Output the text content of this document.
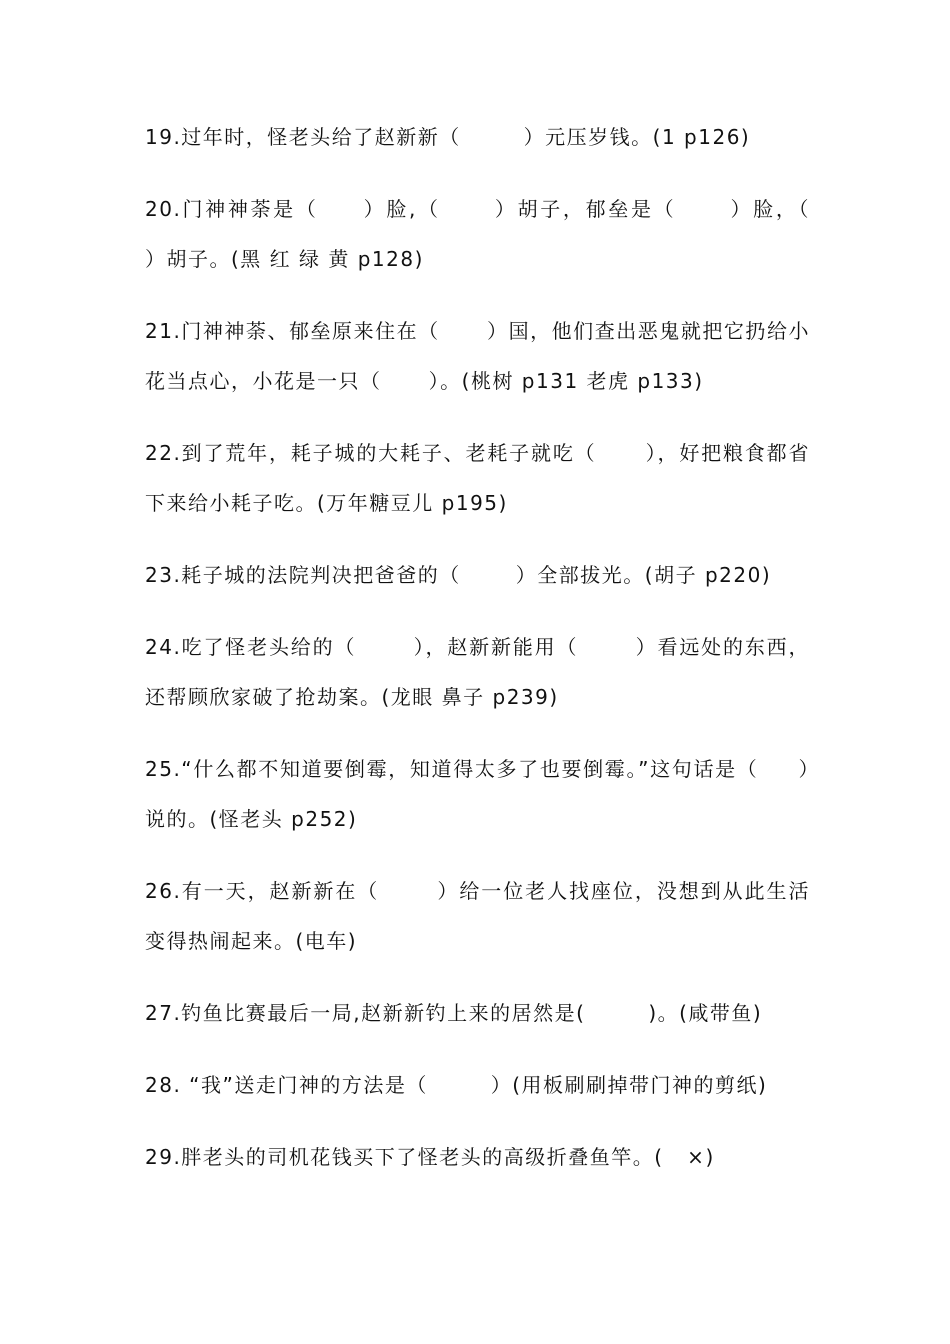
19.过年时，怪老头给了赵新新（        ）元压岁钱。(1 p126)

20.门神神荼是（     ）脸,（      ）胡子，郁垒是（      ）脸，（     ）胡子。(黑 红 绿 黄 p128)

21.门神神荼、郁垒原来住在（      ）国，他们查出恶鬼就把它扔给小花当点心，小花是一只（      ）。(桃树 p131 老虎 p133)

22.到了荒年，耗子城的大耗子、老耗子就吃（      ），好把粮食都省下来给小耗子吃。(万年糖豆儿 p195)

23.耗子城的法院判决把爸爸的（       ）全部拔光。(胡子 p220)

24.吃了怪老头给的（       ），赵新新能用（       ）看远处的东西，还帮顾欣家破了抢劫案。(龙眼 鼻子 p239)

25.“什么都不知道要倒霉，知道得太多了也要倒霉。”这句话是（     ）说的。(怪老头 p252)

26.有一天，赵新新在（       ）给一位老人找座位，没想到从此生活变得热闹起来。(电车)

27.钓鱼比赛最后一局,赵新新钓上来的居然是(        )。(咸带鱼)

28. “我”送走门神的方法是（        ）(用板刷刷掉带门神的剪纸)

29.胖老头的司机花钱买下了怪老头的高级折叠鱼竿。(   ×)
